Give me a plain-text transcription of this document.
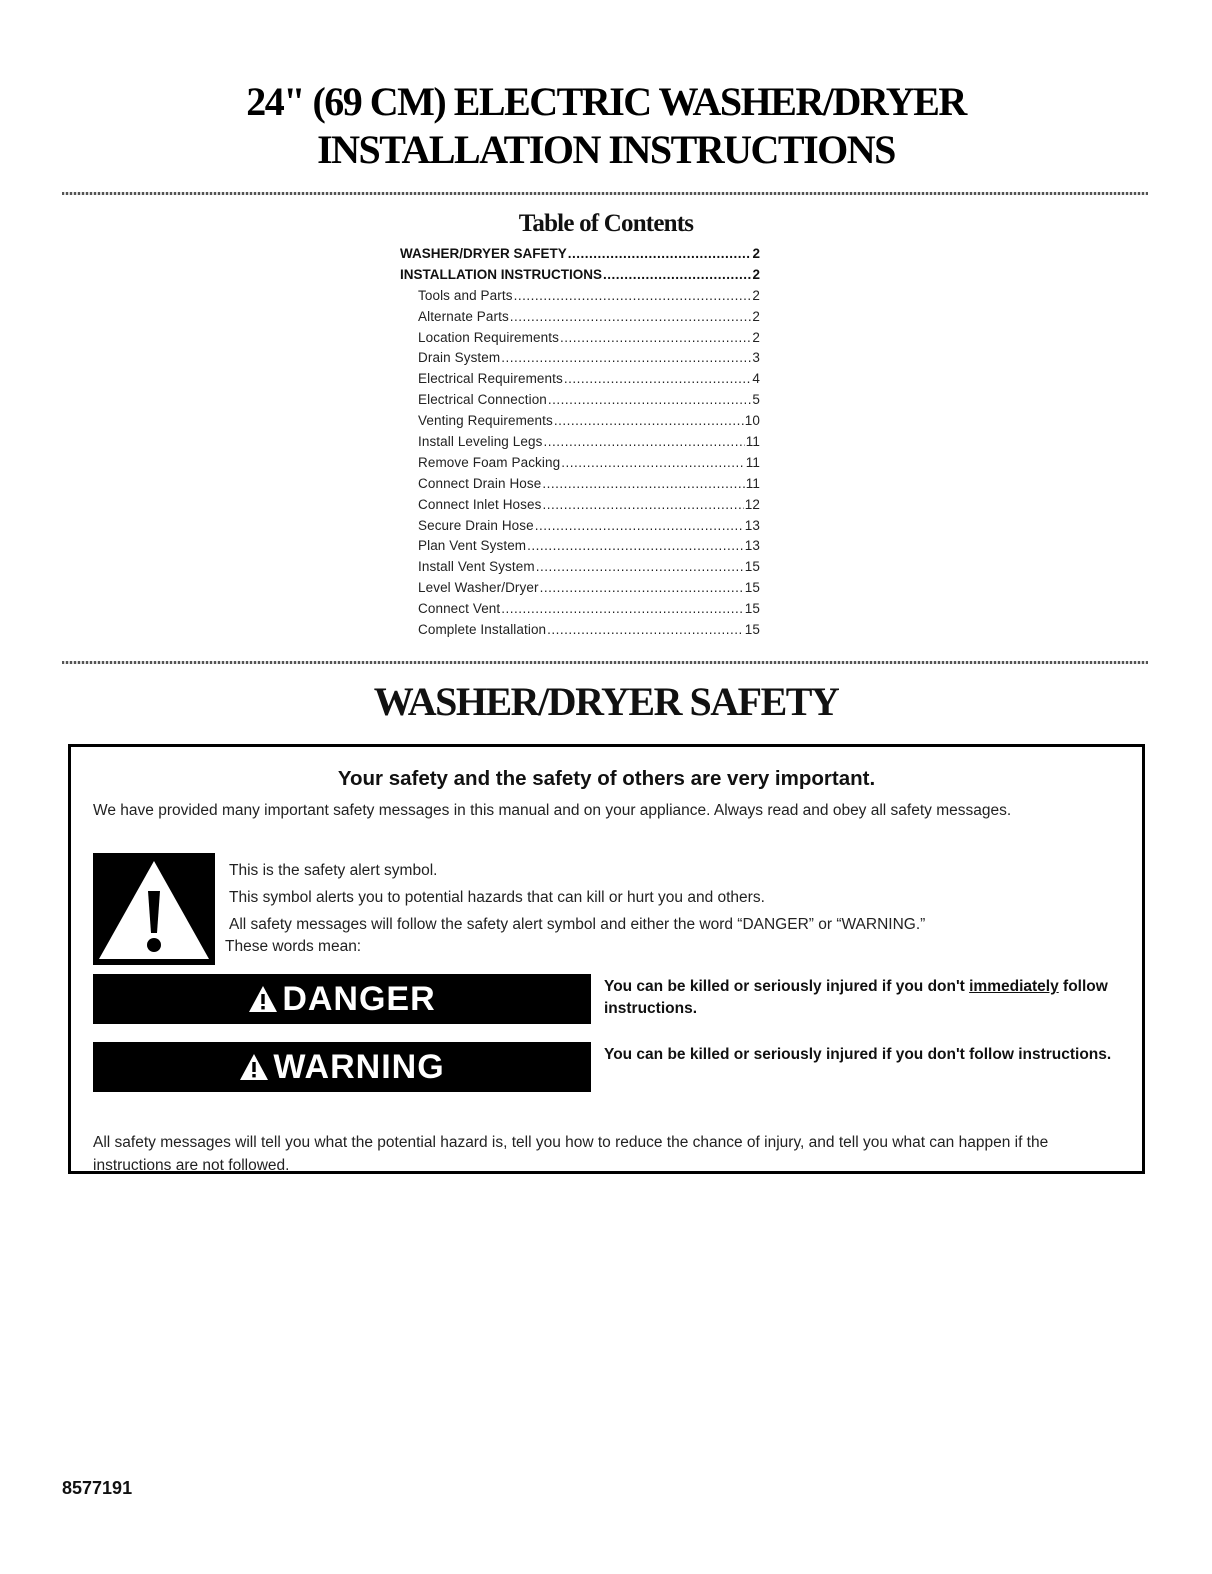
24" (69 CM) ELECTRIC WASHER/DRYER
INSTALLATION INSTRUCTIONS
Table of Contents
WASHER/DRYER SAFETY .....	2
INSTALLATION INSTRUCTIONS .....	2
Tools and Parts .....	2
Alternate Parts .....	2
Location Requirements .....	2
Drain System .....	3
Electrical Requirements .....	4
Electrical Connection .....	5
Venting Requirements .....	10
Install Leveling Legs .....	11
Remove Foam Packing .....	11
Connect Drain Hose .....	11
Connect Inlet Hoses .....	12
Secure Drain Hose .....	13
Plan Vent System .....	13
Install Vent System .....	15
Level Washer/Dryer .....	15
Connect Vent .....	15
Complete Installation .....	15
WASHER/DRYER SAFETY
Your safety and the safety of others are very important.
We have provided many important safety messages in this manual and on your appliance. Always read and obey all safety messages.
This is the safety alert symbol.
This symbol alerts you to potential hazards that can kill or hurt you and others.
All safety messages will follow the safety alert symbol and either the word “DANGER” or “WARNING.”
These words mean:
DANGER	You can be killed or seriously injured if you don't immediately follow instructions.
WARNING	You can be killed or seriously injured if you don't follow instructions.
All safety messages will tell you what the potential hazard is, tell you how to reduce the chance of injury, and tell you what can happen if the instructions are not followed.
8577191
